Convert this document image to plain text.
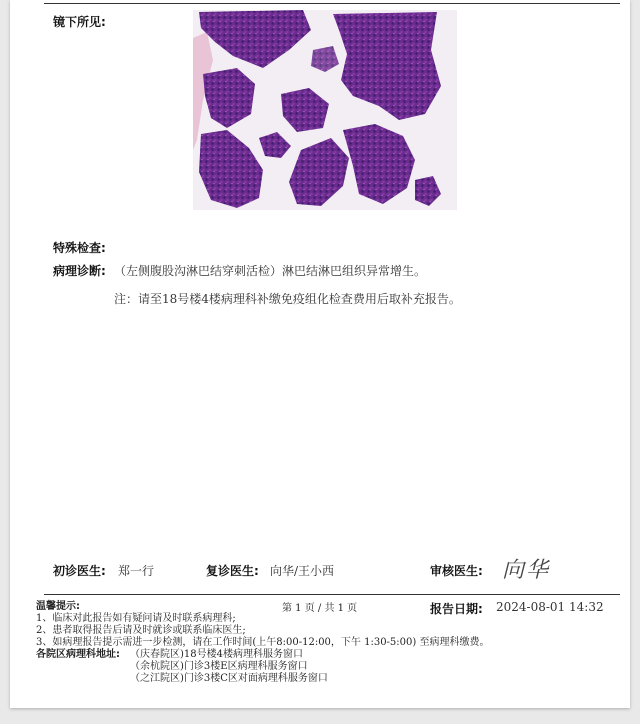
镜下所见:
特殊检查:
病理诊断: （左侧腹股沟淋巴结穿刺活检）淋巴结淋巴组织异常增生。
注：请至18号楼4楼病理科补缴免疫组化检查费用后取补充报告。
初诊医生: 郑一行	复诊医生: 向华/王小西	审核医生: 向华
温馨提示:	第 1 页 / 共 1 页	报告日期: 2024-08-01 14:32
1、临床对此报告如有疑问请及时联系病理科;
2、患者取得报告后请及时就诊或联系临床医生;
3、如病理报告提示需进一步检测，请在工作时间(上午8:00-12:00，下午 1:30-5:00) 至病理科缴费。
各院区病理科地址: （庆春院区)18号楼4楼病理科服务窗口
（余杭院区)门诊3楼E区病理科服务窗口
（之江院区)门诊3楼C区对面病理科服务窗口
